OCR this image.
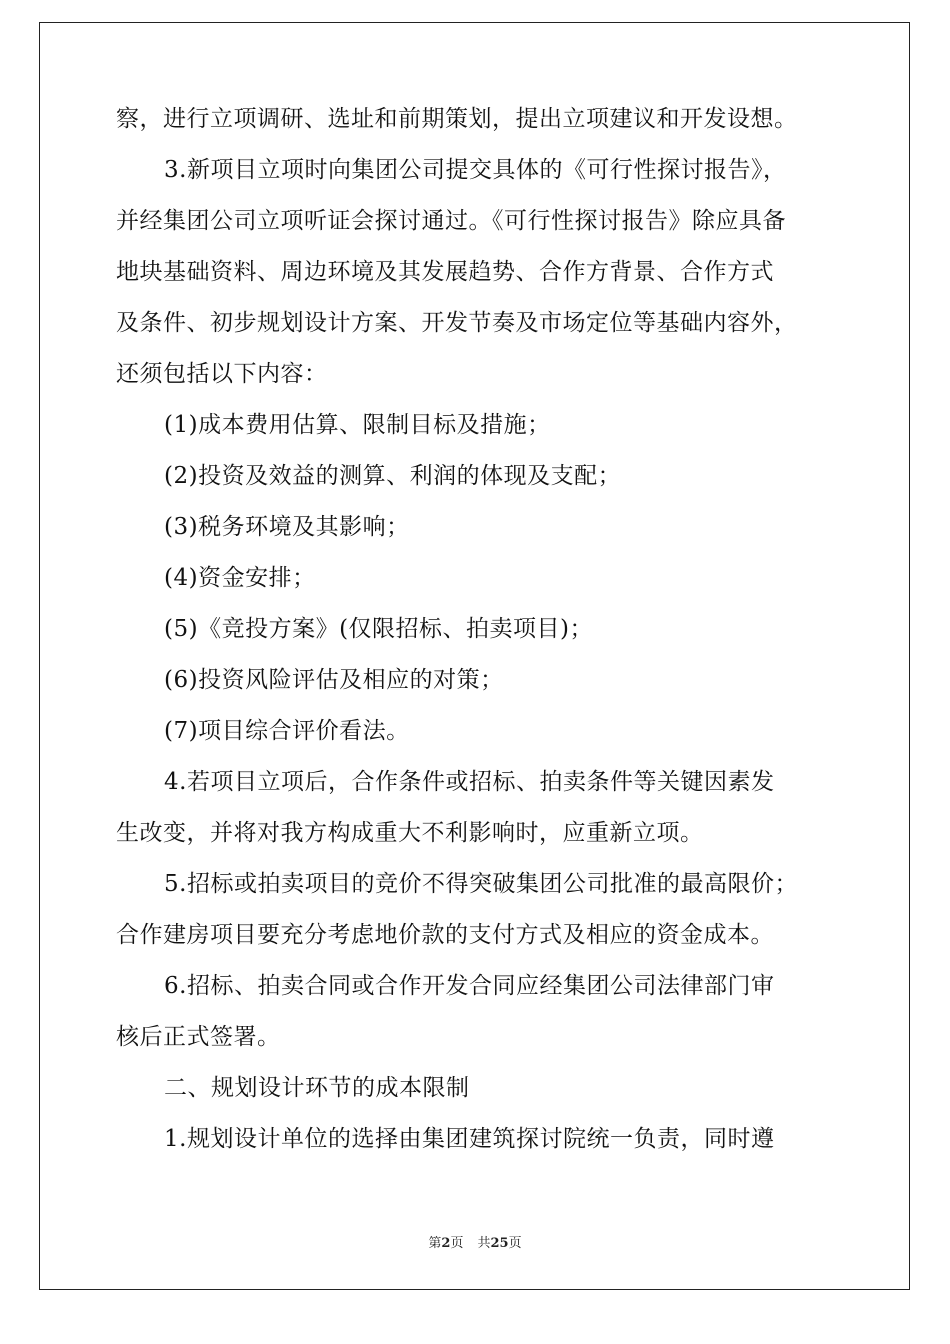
察，进行立项调研、选址和前期策划，提出立项建议和开发设想。
3.新项目立项时向集团公司提交具体的《可行性探讨报告》，
并经集团公司立项听证会探讨通过。《可行性探讨报告》除应具备
地块基础资料、周边环境及其发展趋势、合作方背景、合作方式
及条件、初步规划设计方案、开发节奏及市场定位等基础内容外，
还须包括以下内容：
(1)成本费用估算、限制目标及措施；
(2)投资及效益的测算、利润的体现及支配；
(3)税务环境及其影响；
(4)资金安排；
(5)《竞投方案》(仅限招标、拍卖项目)；
(6)投资风险评估及相应的对策；
(7)项目综合评价看法。
4.若项目立项后，合作条件或招标、拍卖条件等关键因素发
生改变，并将对我方构成重大不利影响时，应重新立项。
5.招标或拍卖项目的竞价不得突破集团公司批准的最高限价；
合作建房项目要充分考虑地价款的支付方式及相应的资金成本。
6.招标、拍卖合同或合作开发合同应经集团公司法律部门审
核后正式签署。
二、规划设计环节的成本限制
1.规划设计单位的选择由集团建筑探讨院统一负责，同时遵
第2页 共25页
